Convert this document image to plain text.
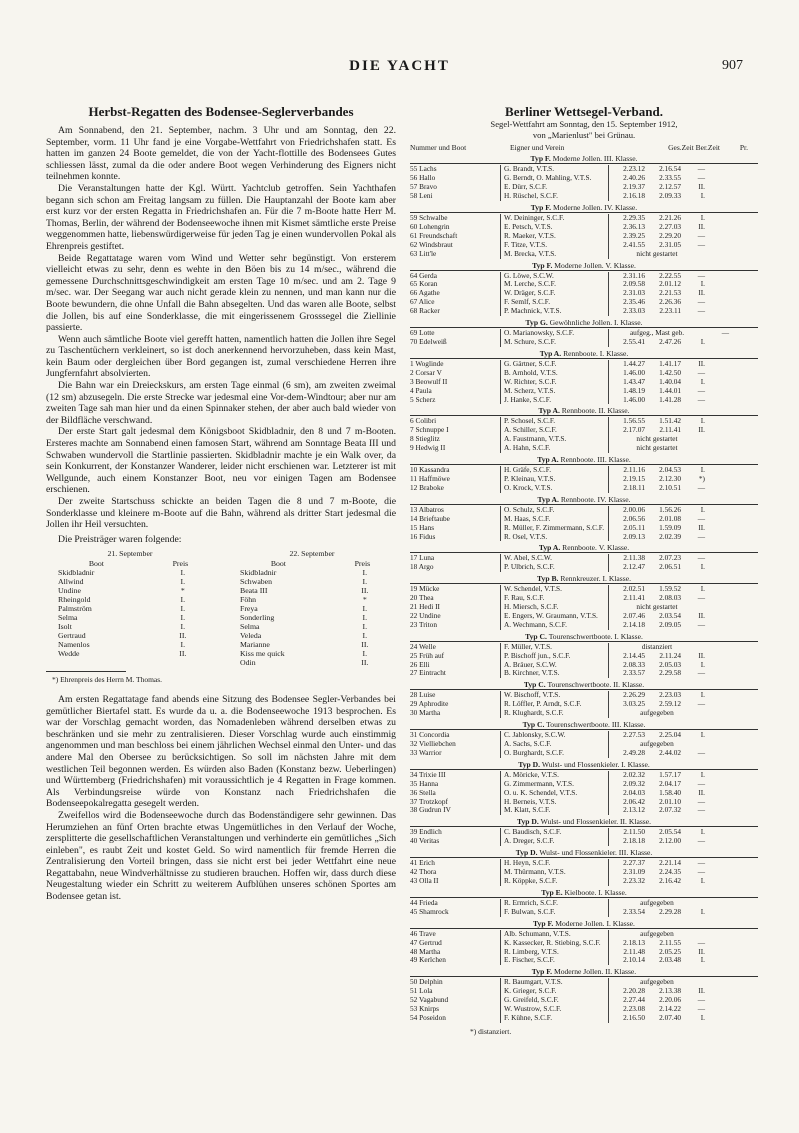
DIE YACHT	907
Herbst-Regatten des Bodensee-Seglerverbandes

Am Sonnabend, den 21. September, nachm. 3 Uhr und am Sonntag, den 22. September, vorm. 11 Uhr fand je eine Vorgabe-Wettfahrt von Friedrichshafen statt. Es hatten im ganzen 24 Boote gemeldet, die von der Yacht-flottille des Bodensees Gutes schliessen lässt, zumal da die oder andere Boot wegen Verhinderung des Eigners nicht teilnehmen konnte.

Die Veranstaltungen hatte der Kgl. Württ. Yachtclub getroffen. Sein Yachthafen begann sich schon am Freitag langsam zu füllen. Die Hauptanzahl der Boote kam aber erst kurz vor der ersten Regatta in Friedrichshafen an. Für die 7 m-Boote hatte Herr M. Thomas, Berlin, der während der Bodenseewoche ihnen mit Kismet sämtliche erste Preise weggenommen hatte, liebenswürdigerweise für jeden Tag je einen wundervollen Pokal als Ehrenpreis gestiftet.

Beide Regattatage waren vom Wind und Wetter sehr begünstigt. Von ersterem vielleicht etwas zu sehr, denn es wehte in den Böen bis zu 14 m/sec., während die gemessene Durchschnittsgeschwindigkeit am ersten Tage 10 m/sec. und am 2. Tage 9 m/sec. war. Der Seegang war auch nicht gerade klein zu nennen, und man kann nur die Boote bewundern, die ohne Unfall die Bahn absegelten. Und das waren alle Boote, selbst die Jollen, bis auf eine Sonderklasse, die mit eingerissenem Grosssegel die Ziellinie passierte.

Wenn auch sämtliche Boote viel gerefft hatten, namentlich hatten die Jollen ihre Segel zu Taschentüchern verkleinert, so ist doch anerkennend hervorzuheben, dass kein Mast, kein Baum oder dergleichen über Bord gegangen ist, zumal verschiedene Herren ihre Jungfernfahrt absolvierten.

Die Bahn war ein Dreieckskurs, am ersten Tage einmal (6 sm), am zweiten zweimal (12 sm) abzusegeln. Die erste Strecke war jedesmal eine Vor-dem-Windtour; aber nur am zweiten Tage sah man hier und da einen Spinnaker stehen, der aber auch bald wieder von der Bildfläche verschwand.

Der erste Start galt jedesmal dem Königsboot Skidbladnir, den 8 und 7 m-Booten. Ersteres machte am Sonnabend einen famosen Start, während am Sonntage Beata III und Schwaben wundervoll die Startlinie passierten. Skidbladnir machte je ein Walk over, da sein Konkurrent, der Konstanzer Wanderer, leider nicht erschienen war. Letzterer ist mit Wellgunde, auch einem Konstanzer Boot, neu vor einigen Tagen am Bodensee erschienen.

Der zweite Startschuss schickte an beiden Tagen die 8 und 7 m-Boote, die Sonderklasse und kleinere m-Boote auf die Bahn, während als dritter Start jedesmal die Jollen ihr Heil versuchten.

Die Preisträger waren folgende:
21. September
Boot	Preis
Skidbladnir	I.
Allwind	I.
Undine	*
Rheingold	I.
Palmström	I.
Selma	I.
Isolt	I.
Gertraud	II.
Namenlos	I.
Wedde	II.
22. September
Boot	Preis
Skidbladnir	I.
Schwaben	I.
Beata III	II.
Föhn	*
Freya	I.
Sonderling	I.
Selma	I.
Veleda	I.
Marianne	II.
Kiss me quick	I.
Odin	II.
*) Ehrenpreis des Herrn M. Thomas.

Am ersten Regattatage fand abends eine Sitzung des Bodensee Segler-Verbandes bei gemütlicher Biertafel statt. Es wurde da u. a. die Bodenseewoche 1913 besprochen. Es war der Vorschlag gemacht worden, das Nomadenleben während derselben etwas zu beschränken und sie mehr zu zentralisieren. Dieser Vorschlag wurde auch einstimmig angenommen und man beschloss bei einem jährlichen Wechsel einmal den Unter- und das andere Mal den Obersee zu berücksichtigen. So soll im nächsten Jahre mit dem westlichen Teil begonnen werden. Es würden also Baden (Konstanz bezw. Ueberlingen) und Württemberg (Friedrichshafen) mit voraussichtlich je 4 Regatten in Frage kommen. Als Verbindungsreise würde von Konstanz nach Friedrichshafen die Bodenseepokalregatta gesegelt werden.

Zweifellos wird die Bodenseewoche durch das Bodenständigere sehr gewinnen. Das Herumziehen an fünf Orten brachte etwas Ungemütliches in den Verlauf der Woche, zersplitterte die gesellschaftlichen Veranstaltungen und verhinderte ein gemütliches „Sich einleben", es raubt Zeit und kostet Geld. So wird namentlich für fremde Herren die Zentralisierung den Vorteil bringen, dass sie nicht erst bei jeder Wettfahrt eine neue Regattabahn, neue Windverhältnisse zu studieren brauchen. Hoffen wir, dass durch diese Neugestaltung wieder ein Schritt zu weiterem Aufblühen unseres schönen Sportes am Bodensee getan ist.

Berliner Wettsegel-Verband.
Segel-Wettfahrt am Sonntag, den 15. September 1912,
von „Marienlust" bei Grünau.
Nummer und Boot	Eigner und Verein	Ges.Zeit Ber.Zeit	Pr.
Typ F. Moderne Jollen. III. Klasse.
55 Lachs	G. Brandt, V.T.S.	2.23.12	2.16.54	—
56 Hallo	G. Berndt, O. Mahling, V.T.S.	2.40.26	2.33.55	—
57 Bravo	E. Dürr, S.C.F.	2.19.37	2.12.57	II.
58 Leni	H. Rüschel, S.C.F.	2.16.18	2.09.33	I.
Typ F. Moderne Jollen. IV. Klasse.
59 Schwalbe	W. Deininger, S.C.F.	2.29.35	2.21.26	I.
60 Lohengrin	E. Petsch, V.T.S.	2.36.13	2.27.03	II.
61 Freundschaft	R. Maeker, V.T.S.	2.39.25	2.29.20	—
62 Windsbraut	F. Titze, V.T.S.	2.41.55	2.31.05	—
63 Litt'le	M. Brecka, V.T.S.	nicht gestartet
Typ F. Moderne Jollen. V. Klasse.
64 Gerda	G. Löwe, S.C.W.	2.31.16	2.22.55	—
65 Koran	M. Lerche, S.C.F.	2.09.58	2.01.12	I.
66 Agathe	W. Dräger, S.C.F.	2.31.03	2.21.53	II.
67 Alice	F. Semlf, S.C.F.	2.35.46	2.26.36	—
68 Racker	P. Machnick, V.T.S.	2.33.03	2.23.11	—
Typ G. Gewöhnliche Jollen. I. Klasse.
69 Lotte	O. Marianowsky, S.C.F.	aufgeg., Mast geb.	—
70 Edelweiß	M. Schure, S.C.F.	2.55.41	2.47.26	I.
Typ A. Rennboote. I. Klasse.
1 Woglinde	G. Gärtner, S.C.F.	1.44.27	1.41.17	II.
2 Corsar V	B. Arnhold, V.T.S.	1.46.00	1.42.50	—
3 Beowulf II	W. Richter, S.C.F.	1.43.47	1.40.04	I.
4 Paula	M. Scherz, V.T.S.	1.48.19	1.44.01	—
5 Scherz	J. Hanke, S.C.F.	1.46.00	1.41.28	—
Typ A. Rennboote. II. Klasse.
6 Colibri	P. Schosel, S.C.F.	1.56.55	1.51.42	I.
7 Schnuppe I	A. Schiller, S.C.F.	2.17.07	2.11.41	II.
8 Stieglitz	A. Faustmann, V.T.S.	nicht gestartet
9 Hedwig II	A. Hahn, S.C.F.	nicht gestartet
Typ A. Rennboote. III. Klasse.
10 Kassandra	H. Gräfe, S.C.F.	2.11.16	2.04.53	I.
11 Haffmöwe	P. Kleinau, V.T.S.	2.19.15	2.12.30	*)
12 Braboke	O. Krock, V.T.S.	2.18.11	2.10.51	—
Typ A. Rennboote. IV. Klasse.
13 Albatros	O. Schulz, S.C.F.	2.00.06	1.56.26	I.
14 Brieftaube	M. Haas, S.C.F.	2.06.56	2.01.08	—
15 Hans	R. Müller, F. Zimmermann, S.C.F.	2.05.11	1.59.09	II.
16 Fidus	R. Osel, V.T.S.	2.09.13	2.02.39	—
Typ A. Rennboote. V. Klasse.
17 Luna	W. Abel, S.C.W.	2.11.38	2.07.23	—
18 Argo	P. Ulbrich, S.C.F.	2.12.47	2.06.51	I.
Typ B. Rennkreuzer. I. Klasse.
19 Mücke	W. Schendel, V.T.S.	2.02.51	1.59.52	I.
20 Thea	F. Rau, S.C.F.	2.11.41	2.08.03	—
21 Hedi II	H. Miersch, S.C.F.	nicht gestartet
22 Undine	E. Engers, W. Graumann, V.T.S.	2.07.46	2.03.54	II.
23 Triton	A. Wechmann, S.C.F.	2.14.18	2.09.05	—
Typ C. Tourenschwertboote. I. Klasse.
24 Welle	F. Müller, V.T.S.	distanziert
25 Früh auf	P. Bischoff jun., S.C.F.	2.14.45	2.11.24	II.
26 Elli	A. Bräuer, S.C.W.	2.08.33	2.05.03	I.
27 Eintracht	B. Kirchner, V.T.S.	2.33.57	2.29.58	—
Typ C. Tourenschwertboote. II. Klasse.
28 Luise	W. Bischoff, V.T.S.	2.26.29	2.23.03	I.
29 Aphrodite	R. Löffler, P. Arndt, S.C.F.	3.03.25	2.59.12	—
30 Martha	R. Klughardt, S.C.F.	aufgegeben
Typ C. Tourenschwertboote. III. Klasse.
31 Concordia	C. Jablonsky, S.C.W.	2.27.53	2.25.04	I.
32 Vielliebchen	A. Sachs, S.C.F.	aufgegeben
33 Warrior	O. Burghardt, S.C.F.	2.49.28	2.44.02	—
Typ D. Wulst- und Flossenkieler. I. Klasse.
34 Trixie III	A. Möricke, V.T.S.	2.02.32	1.57.17	I.
35 Hanna	G. Zimmermann, V.T.S.	2.09.32	2.04.17	—
36 Stella	O. u. K. Schendel, V.T.S.	2.04.03	1.58.40	II.
37 Trotzkopf	H. Berneis, V.T.S.	2.06.42	2.01.10	—
38 Gudrun IV	M. Klatt, S.C.F.	2.13.12	2.07.32	—
Typ D. Wulst- und Flossenkieler. II. Klasse.
39 Endlich	C. Baudisch, S.C.F.	2.11.50	2.05.54	I.
40 Veritas	A. Dreger, S.C.F.	2.18.18	2.12.00	—
Typ D. Wulst- und Flossenkieler. III. Klasse.
41 Erich	H. Heyn, S.C.F.	2.27.37	2.21.14	—
42 Thora	M. Thürmann, V.T.S.	2.31.09	2.24.35	—
43 Olla II	R. Köppke, S.C.F.	2.23.32	2.16.42	I.
Typ E. Kielboote. I. Klasse.
44 Frieda	R. Ermrich, S.C.F.	aufgegeben
45 Shamrock	F. Bulwan, S.C.F.	2.33.54	2.29.28	I.
Typ F. Moderne Jollen. I. Klasse.
46 Trave	Alb. Schumann, V.T.S.	aufgegeben
47 Gertrud	K. Kassecker, R. Stiebing, S.C.F.	2.18.13	2.11.55	—
48 Martha	R. Limberg, V.T.S.	2.11.48	2.05.25	II.
49 Kerlchen	E. Fischer, S.C.F.	2.10.14	2.03.48	I.
Typ F. Moderne Jollen. II. Klasse.
50 Delphin	R. Baumgart, V.T.S.	aufgegeben
51 Lola	K. Grieger, S.C.F.	2.20.28	2.13.38	II.
52 Vagabund	G. Greifeld, S.C.F.	2.27.44	2.20.06	—
53 Knirps	W. Wustrow, S.C.F.	2.23.08	2.14.22	—
54 Poseidon	F. Kühne, S.C.F.	2.16.50	2.07.40	I.
*) distanziert.
